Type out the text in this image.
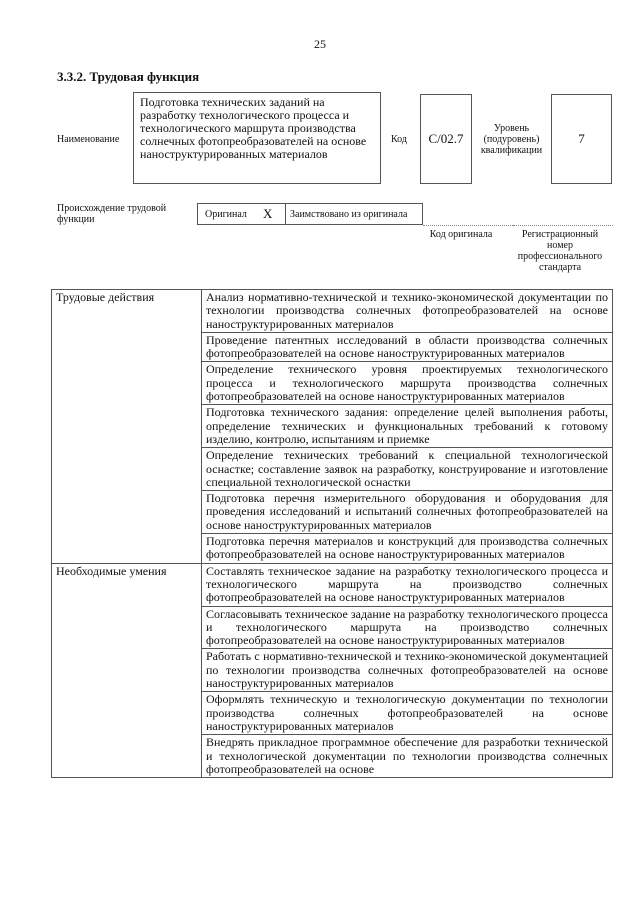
25
3.3.2. Трудовая функция
Наименование
Подготовка технических заданий на разработку технологического процесса и технологического маршрута производства солнечных фотопреобразователей на основе наноструктурированных материалов
Код С/02.7
Уровень (подуровень) квалификации
7
Происхождение трудовой функции	Оригинал Х Заимствовано из оригинала
Код оригинала	Регистрационный номер профессионального стандарта
Трудовые действия	Анализ нормативно-технической и технико-экономической документации по технологии производства солнечных фотопреобразователей на основе наноструктурированных материалов
	Проведение патентных исследований в области производства солнечных фотопреобразователей на основе наноструктурированных материалов
	Определение технического уровня проектируемых технологического процесса и технологического маршрута производства солнечных фотопреобразователей на основе наноструктурированных материалов
	Подготовка технического задания: определение целей выполнения работы, определение технических и функциональных требований к готовому изделию, контролю, испытаниям и приемке
	Определение технических требований к специальной технологической оснастке; составление заявок на разработку, конструирование и изготовление специальной технологической оснастки
	Подготовка перечня измерительного оборудования и оборудования для проведения исследований и испытаний солнечных фотопреобразователей на основе наноструктурированных материалов
	Подготовка перечня материалов и конструкций для производства солнечных фотопреобразователей на основе наноструктурированных материалов
Необходимые умения	Составлять техническое задание на разработку технологического процесса и технологического маршрута на производство солнечных фотопреобразователей на основе наноструктурированных материалов
	Согласовывать техническое задание на разработку технологического процесса и технологического маршрута на производство солнечных фотопреобразователей на основе наноструктурированных материалов
	Работать с нормативно-технической и технико-экономической документацией по технологии производства солнечных фотопреобразователей на основе наноструктурированных материалов
	Оформлять техническую и технологическую документации по технологии производства солнечных фотопреобразователей на основе наноструктурированных материалов
	Внедрять прикладное программное обеспечение для разработки технической и технологической документации по технологии производства солнечных фотопреобразователей на основе
